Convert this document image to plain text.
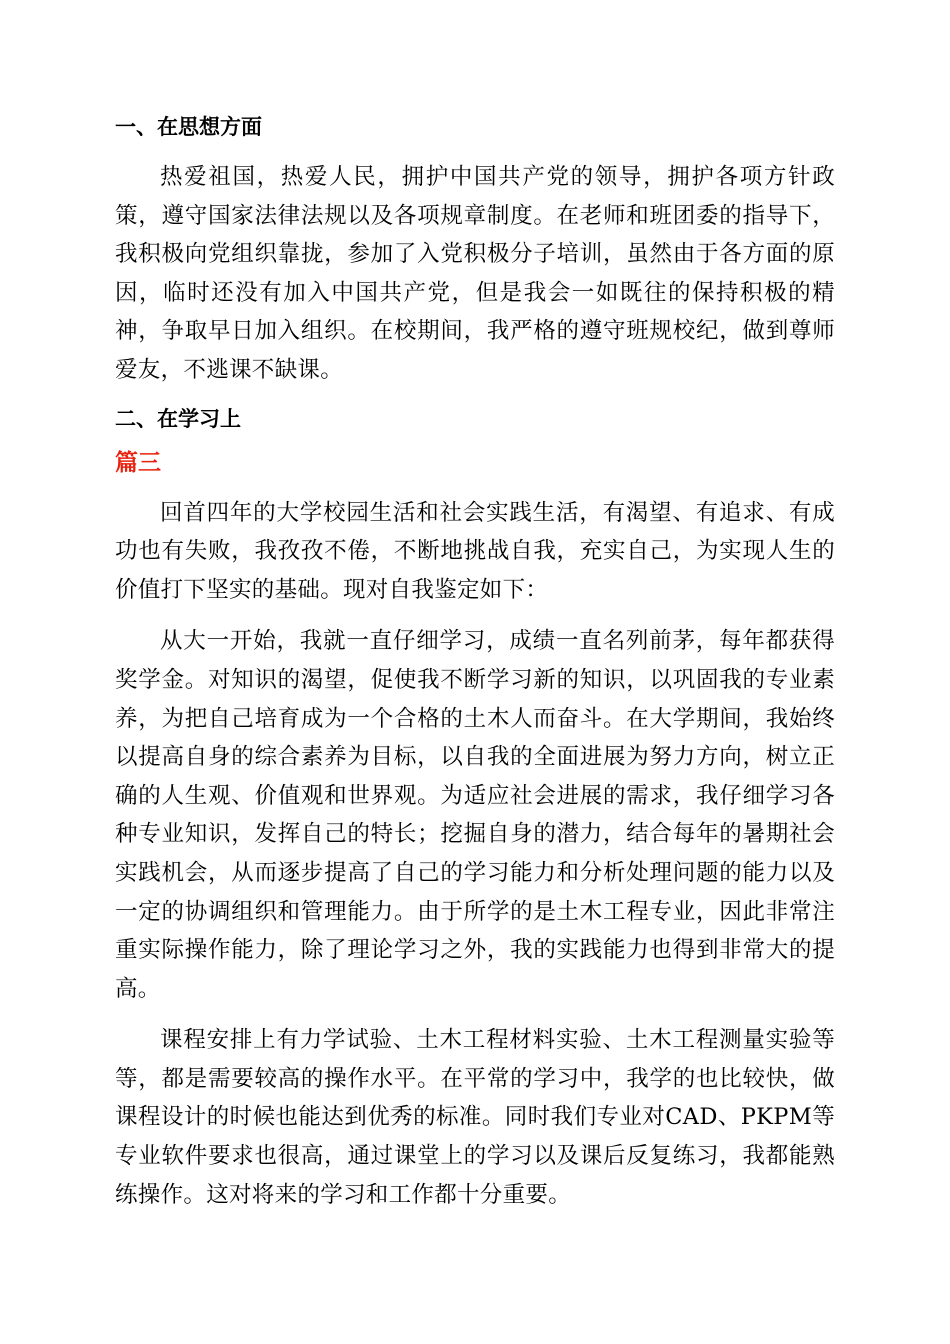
一、在思想方面

热爱祖国，热爱人民，拥护中国共产党的领导，拥护各项方针政策，遵守国家法律法规以及各项规章制度。在老师和班团委的指导下，我积极向党组织靠拢，参加了入党积极分子培训，虽然由于各方面的原因，临时还没有加入中国共产党，但是我会一如既往的保持积极的精神，争取早日加入组织。在校期间，我严格的遵守班规校纪，做到尊师爱友，不逃课不缺课。

二、在学习上

篇三

回首四年的大学校园生活和社会实践生活，有渴望、有追求、有成功也有失败，我孜孜不倦，不断地挑战自我，充实自己，为实现人生的价值打下坚实的基础。现对自我鉴定如下：

从大一开始，我就一直仔细学习，成绩一直名列前茅，每年都获得奖学金。对知识的渴望，促使我不断学习新的知识，以巩固我的专业素养，为把自己培育成为一个合格的土木人而奋斗。在大学期间，我始终以提高自身的综合素养为目标，以自我的全面进展为努力方向，树立正确的人生观、价值观和世界观。为适应社会进展的需求，我仔细学习各种专业知识，发挥自己的特长；挖掘自身的潜力，结合每年的暑期社会实践机会，从而逐步提高了自己的学习能力和分析处理问题的能力以及一定的协调组织和管理能力。由于所学的是土木工程专业，因此非常注重实际操作能力，除了理论学习之外，我的实践能力也得到非常大的提高。

课程安排上有力学试验、土木工程材料实验、土木工程测量实验等等，都是需要较高的操作水平。在平常的学习中，我学的也比较快，做课程设计的时候也能达到优秀的标准。同时我们专业对CAD、PKPM等专业软件要求也很高，通过课堂上的学习以及课后反复练习，我都能熟练操作。这对将来的学习和工作都十分重要。
